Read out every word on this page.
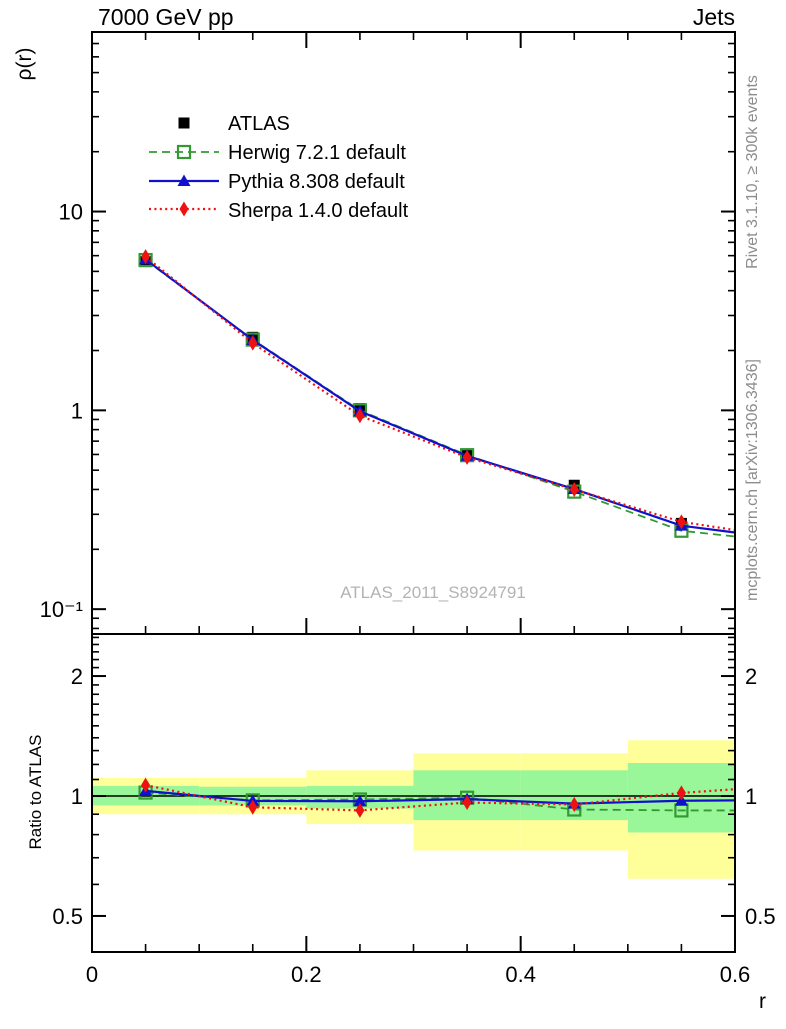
0	0.2	0.4	0.6
10⁻¹
1
10
0.5	0.5
1	1
2	2
7000 GeV pp	Jets
ρ(r)
Ratio to ATLAS
r
ATLAS_2011_S8924791
Rivet 3.1.10, ≥ 300k events
mcplots.cern.ch [arXiv:1306.3436]
ATLAS
Herwig 7.2.1 default
Pythia 8.308 default
Sherpa 1.4.0 default
